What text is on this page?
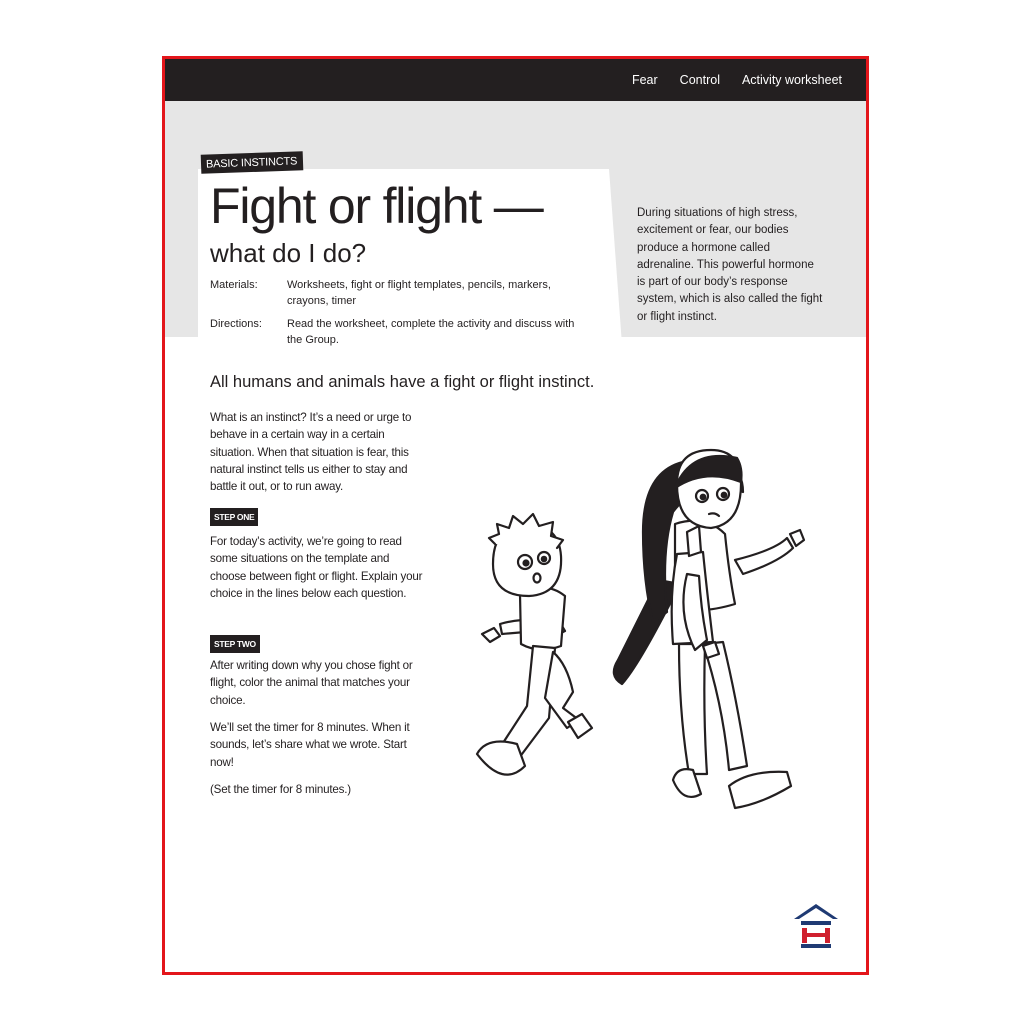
Fear Control Activity worksheet
BASIC INSTINCTS
Fight or flight —
what do I do?
Materials:	Worksheets, fight or flight templates, pencils, markers, crayons, timer
Directions:	Read the worksheet, complete the activity and discuss with the Group.
During situations of high stress, excitement or fear, our bodies produce a hormone called adrenaline. This powerful hormone is part of our body’s response system, which is also called the fight or flight instinct.
All humans and animals have a fight or flight instinct.
What is an instinct? It’s a need or urge to behave in a certain way in a certain situation. When that situation is fear, this natural instinct tells us either to stay and battle it out, or to run away.
STEP ONE
For today’s activity, we’re going to read some situations on the template and choose between fight or flight. Explain your choice in the lines below each question.
STEP TWO
After writing down why you chose fight or flight, color the animal that matches your choice.
We’ll set the timer for 8 minutes. When it sounds, let’s share what we wrote. Start now!
(Set the timer for 8 minutes.)
